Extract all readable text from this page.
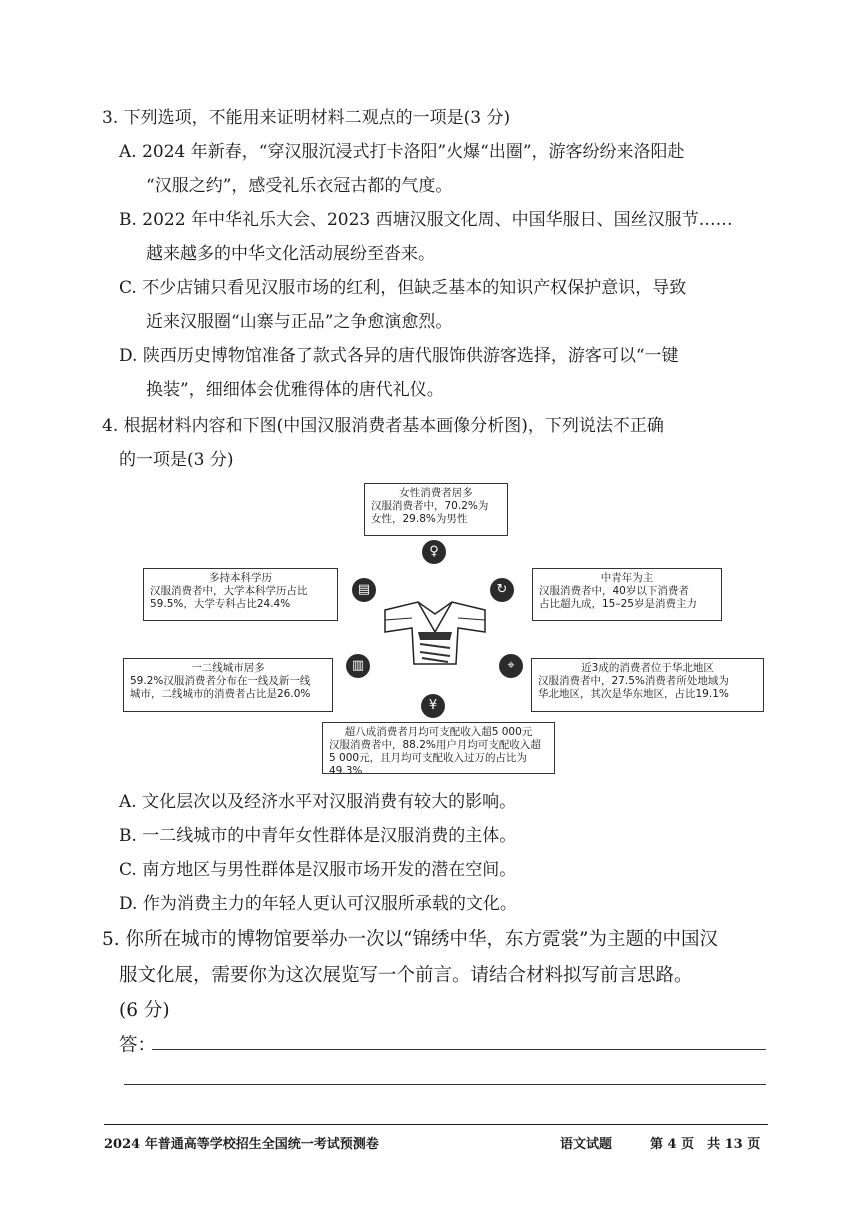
3. 下列选项，不能用来证明材料二观点的一项是(3 分)
A. 2024 年新春，“穿汉服沉浸式打卡洛阳”火爆“出圈”，游客纷纷来洛阳赴
“汉服之约”，感受礼乐衣冠古都的气度。
B. 2022 年中华礼乐大会、2023 西塘汉服文化周、中国华服日、国丝汉服节……
越来越多的中华文化活动展纷至沓来。
C. 不少店铺只看见汉服市场的红利，但缺乏基本的知识产权保护意识，导致
近来汉服圈“山寨与正品”之争愈演愈烈。
D. 陕西历史博物馆准备了款式各异的唐代服饰供游客选择，游客可以“一键
换装”，细细体会优雅得体的唐代礼仪。
4. 根据材料内容和下图(中国汉服消费者基本画像分析图)，下列说法不正确
的一项是(3 分)
女性消费者居多
汉服消费者中，70.2%为
女性，29.8%为男性
♀
多持本科学历
汉服消费者中，大学本科学历占比
59.5%，大学专科占比24.4%
▤
中青年为主
汉服消费者中，40岁以下消费者
占比超九成，15–25岁是消费主力
↻
一二线城市居多
59.2%汉服消费者分布在一线及新一线
城市，二线城市的消费者占比是26.0%
▥	近3成的消费者位于华北地区
汉服消费者中，27.5%消费者所处地域为
华北地区，其次是华东地区，占比19.1%
⌖
¥
超八成消费者月均可支配收入超5 000元
汉服消费者中，88.2%用户月均可支配收入超
5 000元，且月均可支配收入过万的占比为49.3%
A. 文化层次以及经济水平对汉服消费有较大的影响。
B. 一二线城市的中青年女性群体是汉服消费的主体。
C. 南方地区与男性群体是汉服市场开发的潜在空间。
D. 作为消费主力的年轻人更认可汉服所承载的文化。
5. 你所在城市的博物馆要举办一次以“锦绣中华，东方霓裳”为主题的中国汉
服文化展，需要你为这次展览写一个前言。请结合材料拟写前言思路。
(6 分)
答：
2024 年普通高等学校招生全国统一考试预测卷	语文试题	第 4 页　共 13 页
